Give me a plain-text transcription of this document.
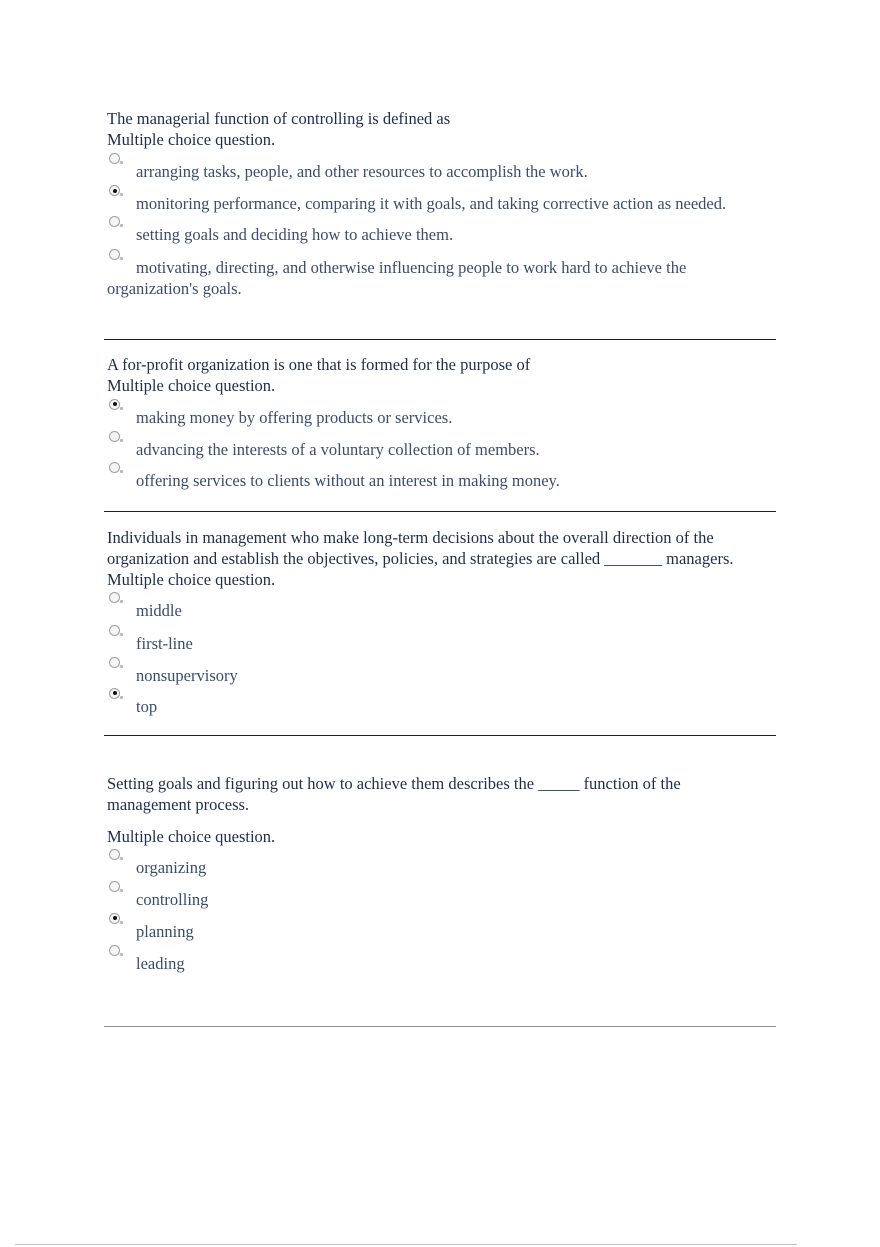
The managerial function of controlling is defined as

Multiple choice question.

arranging tasks, people, and other resources to accomplish the work.

monitoring performance, comparing it with goals, and taking corrective action as needed.

setting goals and deciding how to achieve them.

motivating, directing, and otherwise influencing people to work hard to achieve the organization's goals.

A for-profit organization is one that is formed for the purpose of

Multiple choice question.

making money by offering products or services.

advancing the interests of a voluntary collection of members.

offering services to clients without an interest in making money.

Individuals in management who make long-term decisions about the overall direction of the organization and establish the objectives, policies, and strategies are called _______ managers.

Multiple choice question.

middle

first-line

nonsupervisory

top

Setting goals and figuring out how to achieve them describes the _____ function of the management process.

Multiple choice question.

organizing

controlling

planning

leading
